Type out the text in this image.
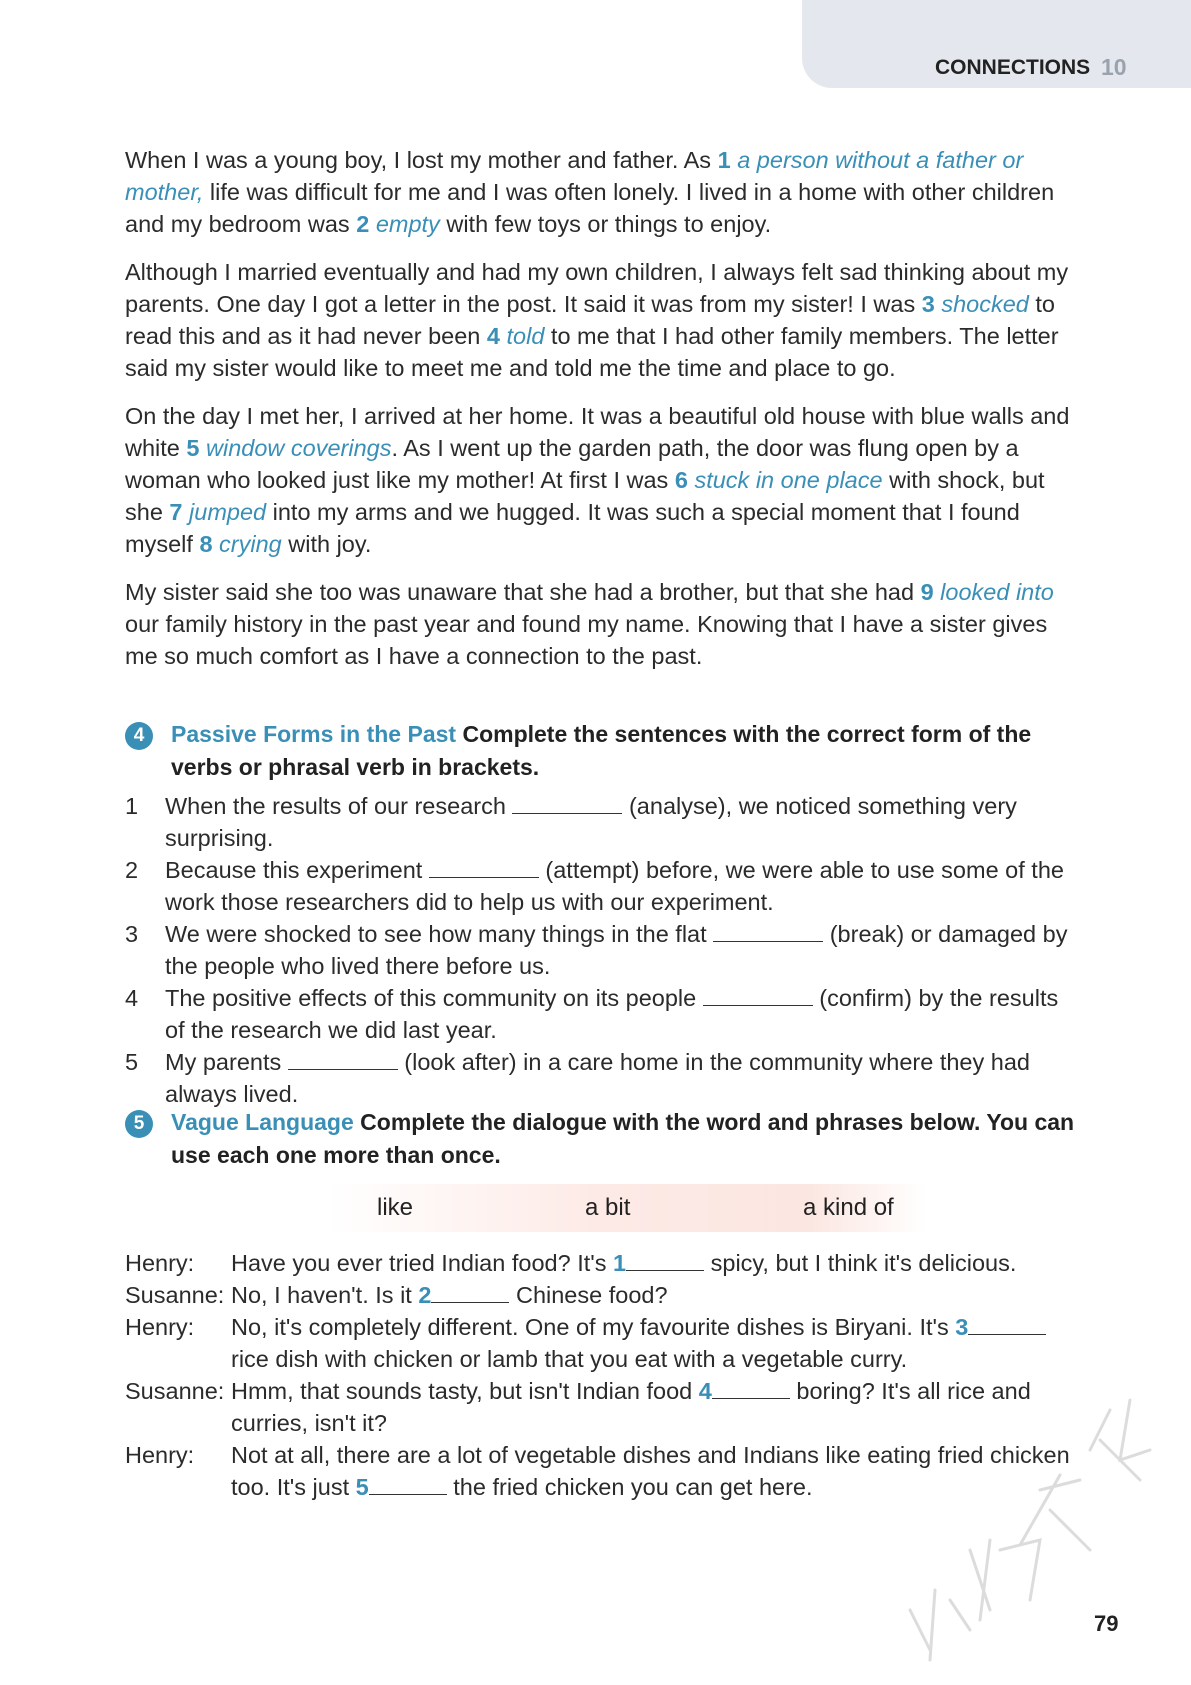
CONNECTIONS 10

When I was a young boy, I lost my mother and father. As 1 a person without a father or mother, life was difficult for me and I was often lonely. I lived in a home with other children and my bedroom was 2 empty with few toys or things to enjoy.

Although I married eventually and had my own children, I always felt sad thinking about my parents. One day I got a letter in the post. It said it was from my sister! I was 3 shocked to read this and as it had never been 4 told to me that I had other family members. The letter said my sister would like to meet me and told me the time and place to go.

On the day I met her, I arrived at her home. It was a beautiful old house with blue walls and white 5 window coverings. As I went up the garden path, the door was flung open by a woman who looked just like my mother! At first I was 6 stuck in one place with shock, but she 7 jumped into my arms and we hugged. It was such a special moment that I found myself 8 crying with joy.

My sister said she too was unaware that she had a brother, but that she had 9 looked into our family history in the past year and found my name. Knowing that I have a sister gives me so much comfort as I have a connection to the past.

4	Passive Forms in the Past Complete the sentences with the correct form of the verbs or phrasal verb in brackets.
1 When the results of our research	(analyse), we noticed something very surprising.
2 Because this experiment	(attempt) before, we were able to use some of the work those researchers did to help us with our experiment.
3 We were shocked to see how many things in the flat	(break) or damaged by the people who lived there before us.
4 The positive effects of this community on its people	(confirm) by the results of the research we did last year.
5 My parents	(look after) in a care home in the community where they had always lived.
5	Vague Language Complete the dialogue with the word and phrases below. You can use each one more than once.
like	a bit	a kind of
Henry: Have you ever tried Indian food? It's 1	spicy, but I think it's delicious.
Susanne: No, I haven't. Is it 2	Chinese food?
Henry: No, it's completely different. One of my favourite dishes is Biryani. It's 3 rice dish with chicken or lamb that you eat with a vegetable curry.
Susanne: Hmm, that sounds tasty, but isn't Indian food 4	boring? It's all rice and curries, isn't it?
Henry: Not at all, there are a lot of vegetable dishes and Indians like eating fried chicken too. It's just 5	the fried chicken you can get here.
79
